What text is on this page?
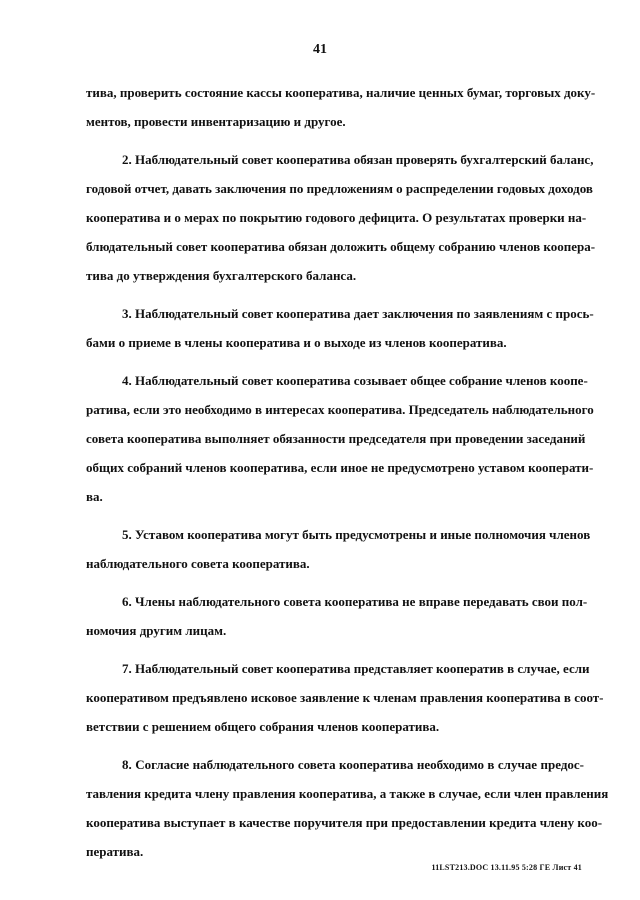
41
тива, проверить состояние кассы кооператива, наличие ценных бумаг, торговых доку-
ментов, провести инвентаризацию и другое.
2. Наблюдательный совет кооператива обязан проверять бухгалтерский баланс,
годовой отчет, давать заключения по предложениям о распределении годовых доходов
кооператива и о мерах по покрытию годового дефицита. О результатах проверки на-
блюдательный совет кооператива обязан доложить общему собранию членов коопера-
тива до утверждения бухгалтерского баланса.
3. Наблюдательный совет кооператива дает заключения по заявлениям с прось-
бами о приеме в члены кооператива и о выходе из членов кооператива.
4. Наблюдательный совет кооператива созывает общее собрание членов коопе-
ратива, если это необходимо в интересах кооператива. Председатель наблюдательного
совета кооператива выполняет обязанности председателя при проведении заседаний
общих собраний членов кооператива, если иное не предусмотрено уставом кооперати-
ва.
5. Уставом кооператива могут быть предусмотрены и иные полномочия членов
наблюдательного совета кооператива.
6. Члены наблюдательного совета кооператива не вправе передавать свои пол-
номочия другим лицам.
7. Наблюдательный совет кооператива представляет кооператив в случае, если
кооперативом предъявлено исковое заявление к членам правления кооператива в соот-
ветствии с решением общего собрания членов кооператива.
8. Согласие наблюдательного совета кооператива необходимо в случае предос-
тавления кредита члену правления кооператива, а также в случае, если член правления
кооператива выступает в качестве поручителя при предоставлении кредита члену коо-
ператива.
11LST213.DOC 13.11.95 5:28 ГЕ Лист 41
